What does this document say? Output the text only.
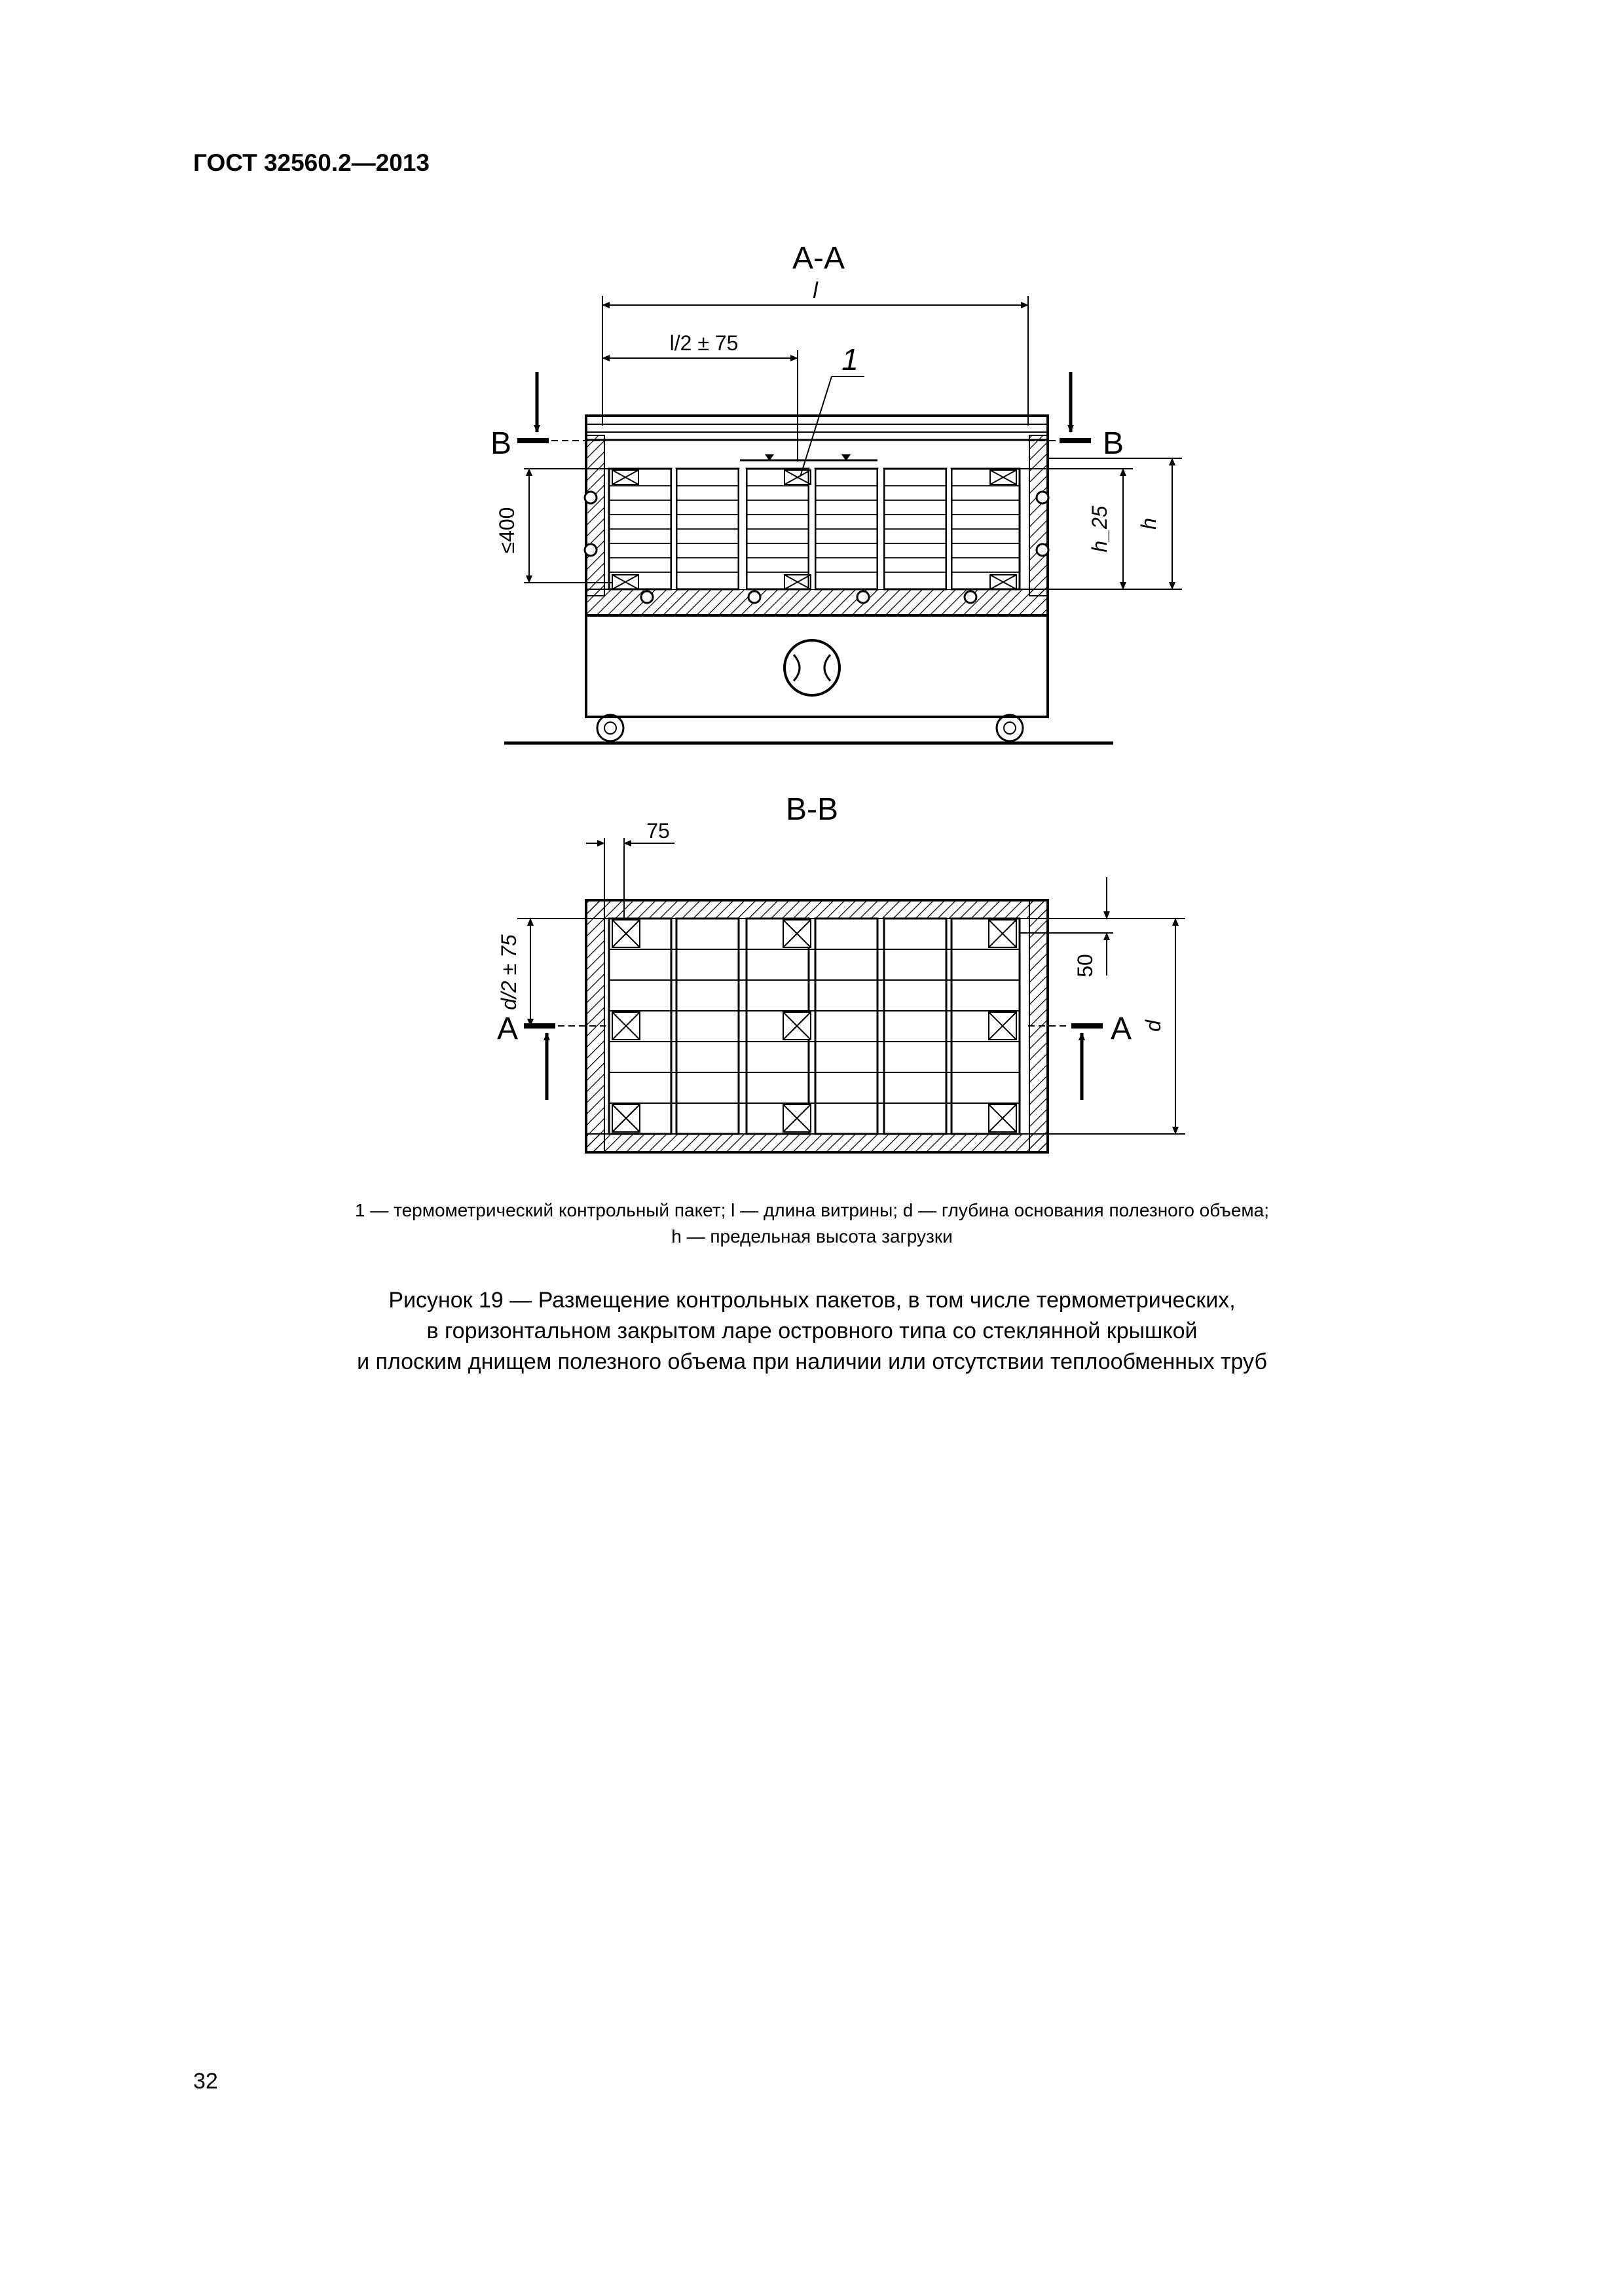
ГОСТ 32560.2—2013
A-A
l
l/2 ± 75	1
B	B
≤400	h_25 h
B-B
75
d/2 ± 75
A	A
50
d
1 — термометрический контрольный пакет; l — длина витрины; d — глубина основания полезного объема;
h — предельная высота загрузки
Рисунок 19 — Размещение контрольных пакетов, в том числе термометрических,
в горизонтальном закрытом ларе островного типа со стеклянной крышкой
и плоским днищем полезного объема при наличии или отсутствии теплообменных труб
32
